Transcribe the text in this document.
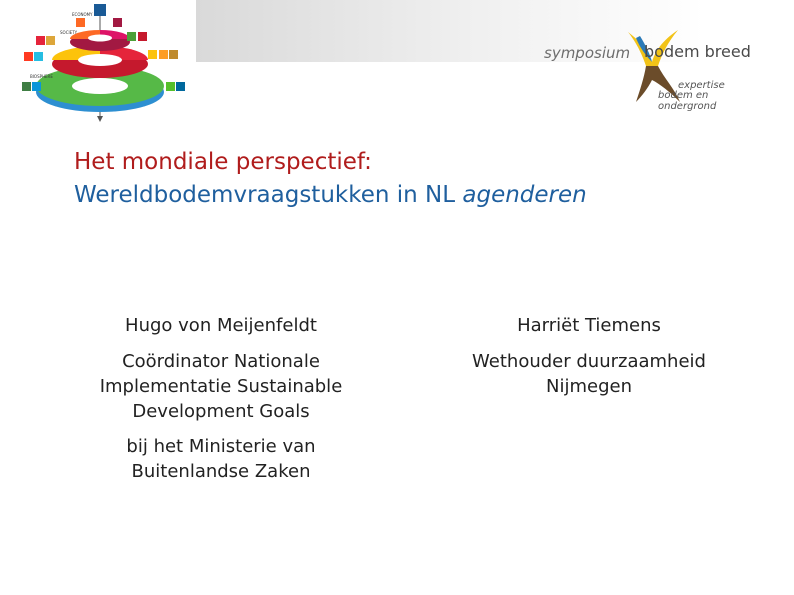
ECONOMY
SOCIETY
BIOSPHERE
symposium bodem breed
expertise
bodem en ondergrond
Het mondiale perspectief:
Wereldbodemvraagstukken in NL agenderen

Hugo von Meijenfeldt

Coördinator Nationale Implementatie Sustainable Development Goals

bij het Ministerie van Buitenlandse Zaken

Harriët Tiemens

Wethouder duurzaamheid Nijmegen
